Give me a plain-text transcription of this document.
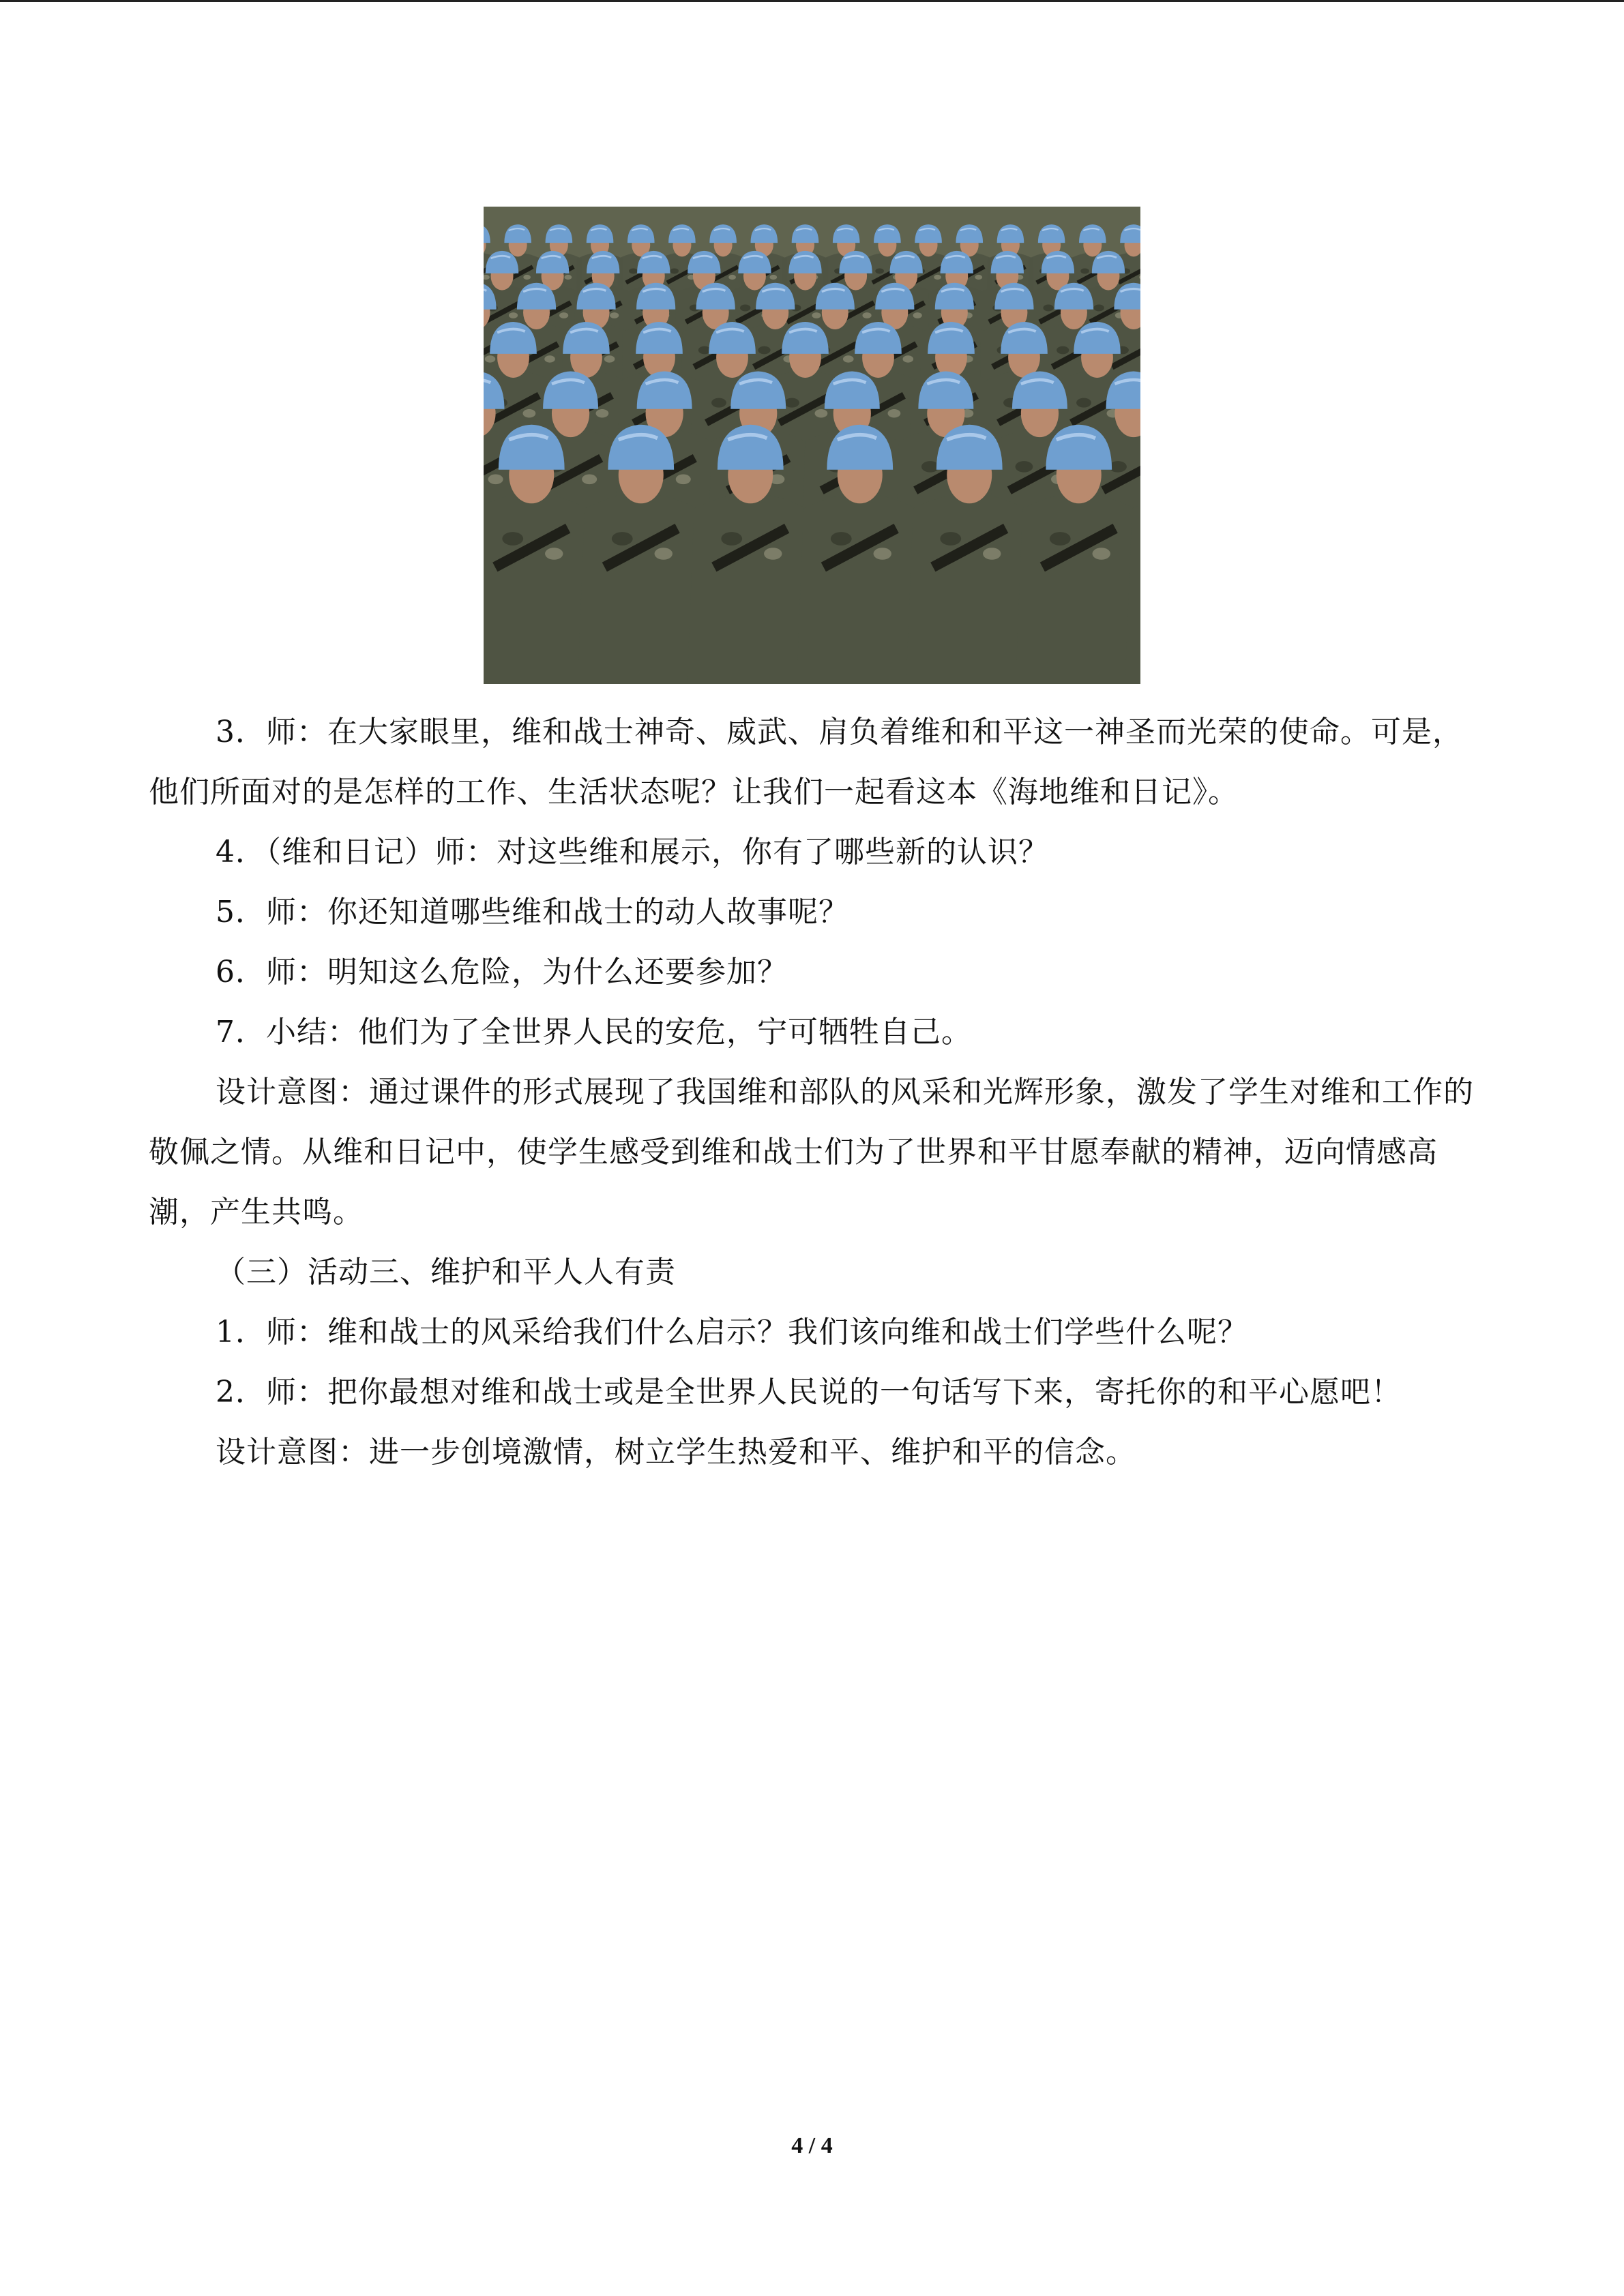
3．师：在大家眼里，维和战士神奇、威武、肩负着维和和平这一神圣而光荣的使命。可是，他们所面对的是怎样的工作、生活状态呢？让我们一起看这本《海地维和日记》。

4．（维和日记）师：对这些维和展示，你有了哪些新的认识？

5．师：你还知道哪些维和战士的动人故事呢？

6．师：明知这么危险，为什么还要参加？

7．小结：他们为了全世界人民的安危，宁可牺牲自己。

设计意图：通过课件的形式展现了我国维和部队的风采和光辉形象，激发了学生对维和工作的敬佩之情。从维和日记中，使学生感受到维和战士们为了世界和平甘愿奉献的精神，迈向情感高潮，产生共鸣。

（三）活动三、维护和平人人有责

1．师：维和战士的风采给我们什么启示？我们该向维和战士们学些什么呢？

2．师：把你最想对维和战士或是全世界人民说的一句话写下来，寄托你的和平心愿吧！

设计意图：进一步创境激情，树立学生热爱和平、维护和平的信念。

4 / 4
